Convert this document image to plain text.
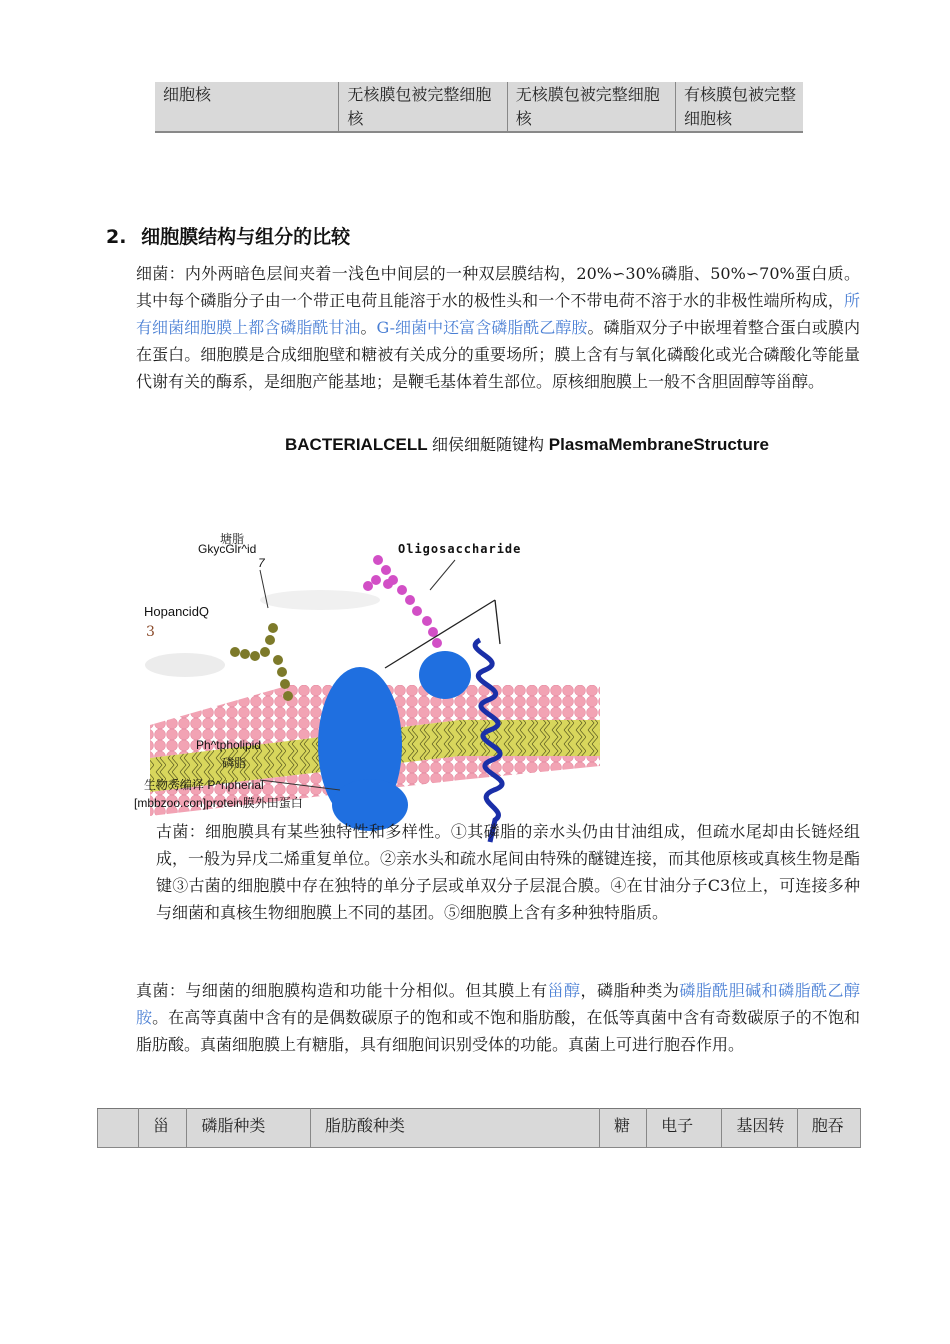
细胞核	无核膜包被完整细胞核	无核膜包被完整细胞核	有核膜包被完整细胞核
2. 细胞膜结构与组分的比较
细菌：内外两暗色层间夹着一浅色中间层的一种双层膜结构，20%∽30%磷脂、50%∽70%蛋白质。其中每个磷脂分子由一个带正电荷且能溶于水的极性头和一个不带电荷不溶于水的非极性端所构成，所有细菌细胞膜上都含磷脂酰甘油。G-细菌中还富含磷脂酰乙醇胺。磷脂双分子中嵌埋着整合蛋白或膜内在蛋白。细胞膜是合成细胞壁和糖被有关成分的重要场所；膜上含有与氧化磷酸化或光合磷酸化等能量代谢有关的酶系，是细胞产能基地；是鞭毛基体着生部位。原核细胞膜上一般不含胆固醇等甾醇。
BACTERIALCELL 细侯细艇随键构 PlasmaMembraneStructure
塘脂
GkycGlr^id
7
HopancidQ
3
Oligosaccharide
Ph^tpholipid
磷脂
生物秀编译 P^ripherial
[mbbzoo.con]protein膜外田蛋白
古菌：细胞膜具有某些独特性和多样性。①其磷脂的亲水头仍由甘油组成，但疏水尾却由长链烃组成，一般为异戊二烯重复单位。②亲水头和疏水尾间由特殊的醚键连接，而其他原核或真核生物是酯键③古菌的细胞膜中存在独特的单分子层或单双分子层混合膜。④在甘油分子C3位上，可连接多种与细菌和真核生物细胞膜上不同的基团。⑤细胞膜上含有多种独特脂质。
真菌：与细菌的细胞膜构造和功能十分相似。但其膜上有甾醇，磷脂种类为磷脂酰胆碱和磷脂酰乙醇胺。在高等真菌中含有的是偶数碳原子的饱和或不饱和脂肪酸，在低等真菌中含有奇数碳原子的不饱和脂肪酸。真菌细胞膜上有糖脂，具有细胞间识别受体的功能。真菌上可进行胞吞作用。
	甾	磷脂种类	脂肪酸种类	糖	电子	基因转	胞吞
